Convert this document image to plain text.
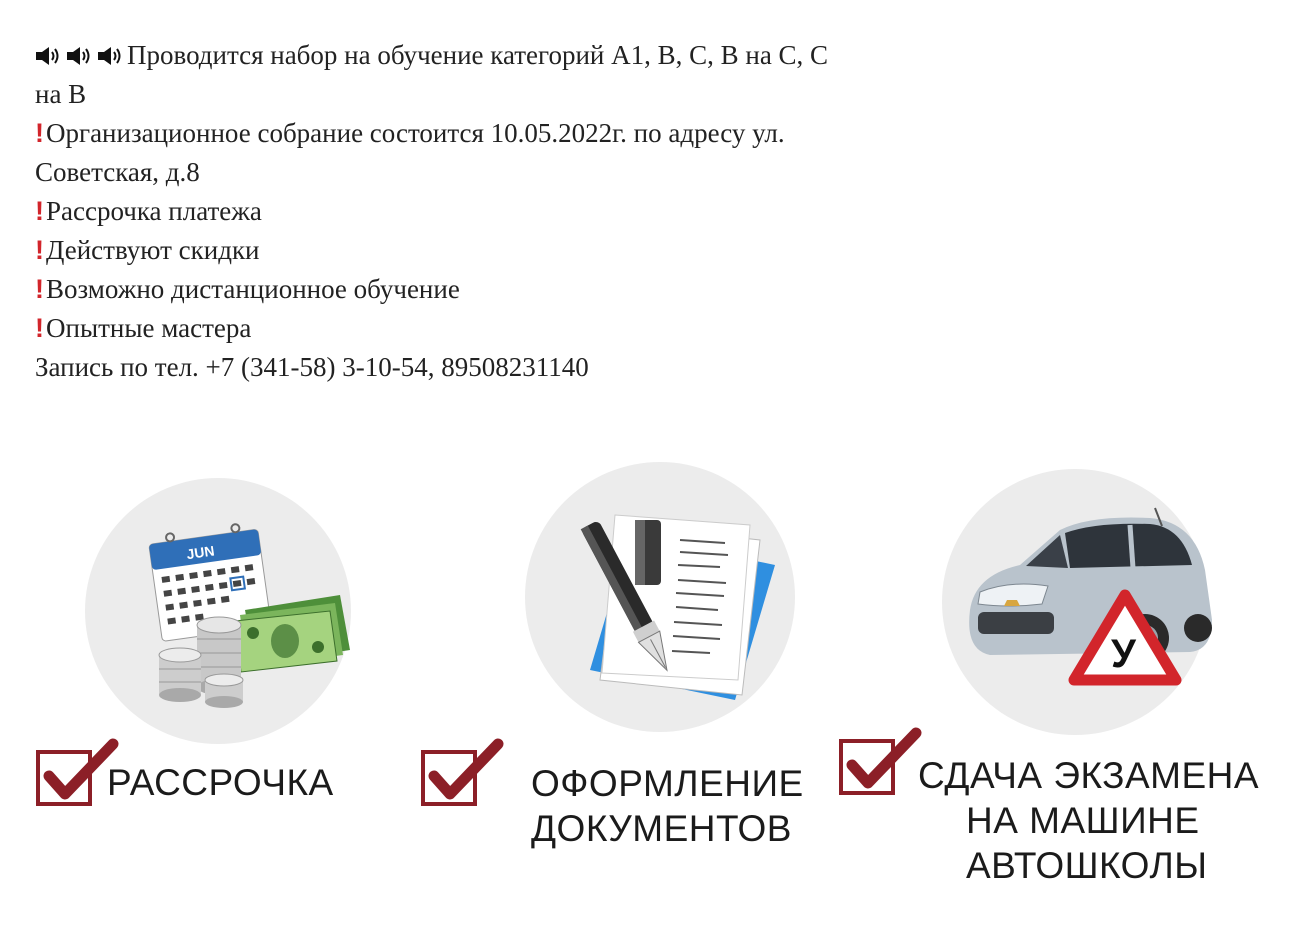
Проводится набор на обучение категорий А1, В, С, В на С, С
на В
!Организационное собрание состоится 10.05.2022г. по адресу ул.
Советская, д.8
!Рассрочка платежа
!Действуют скидки
!Возможно дистанционное обучение
!Опытные мастера
Запись по тел. +7 (341-58) 3-10-54, 89508231140
JUN
РАССРОЧКА	ОФОРМЛЕНИЕ
ДОКУМЕНТОВ
У
СДАЧА ЭКЗАМЕНА
НА МАШИНЕ
АВТОШКОЛЫ
